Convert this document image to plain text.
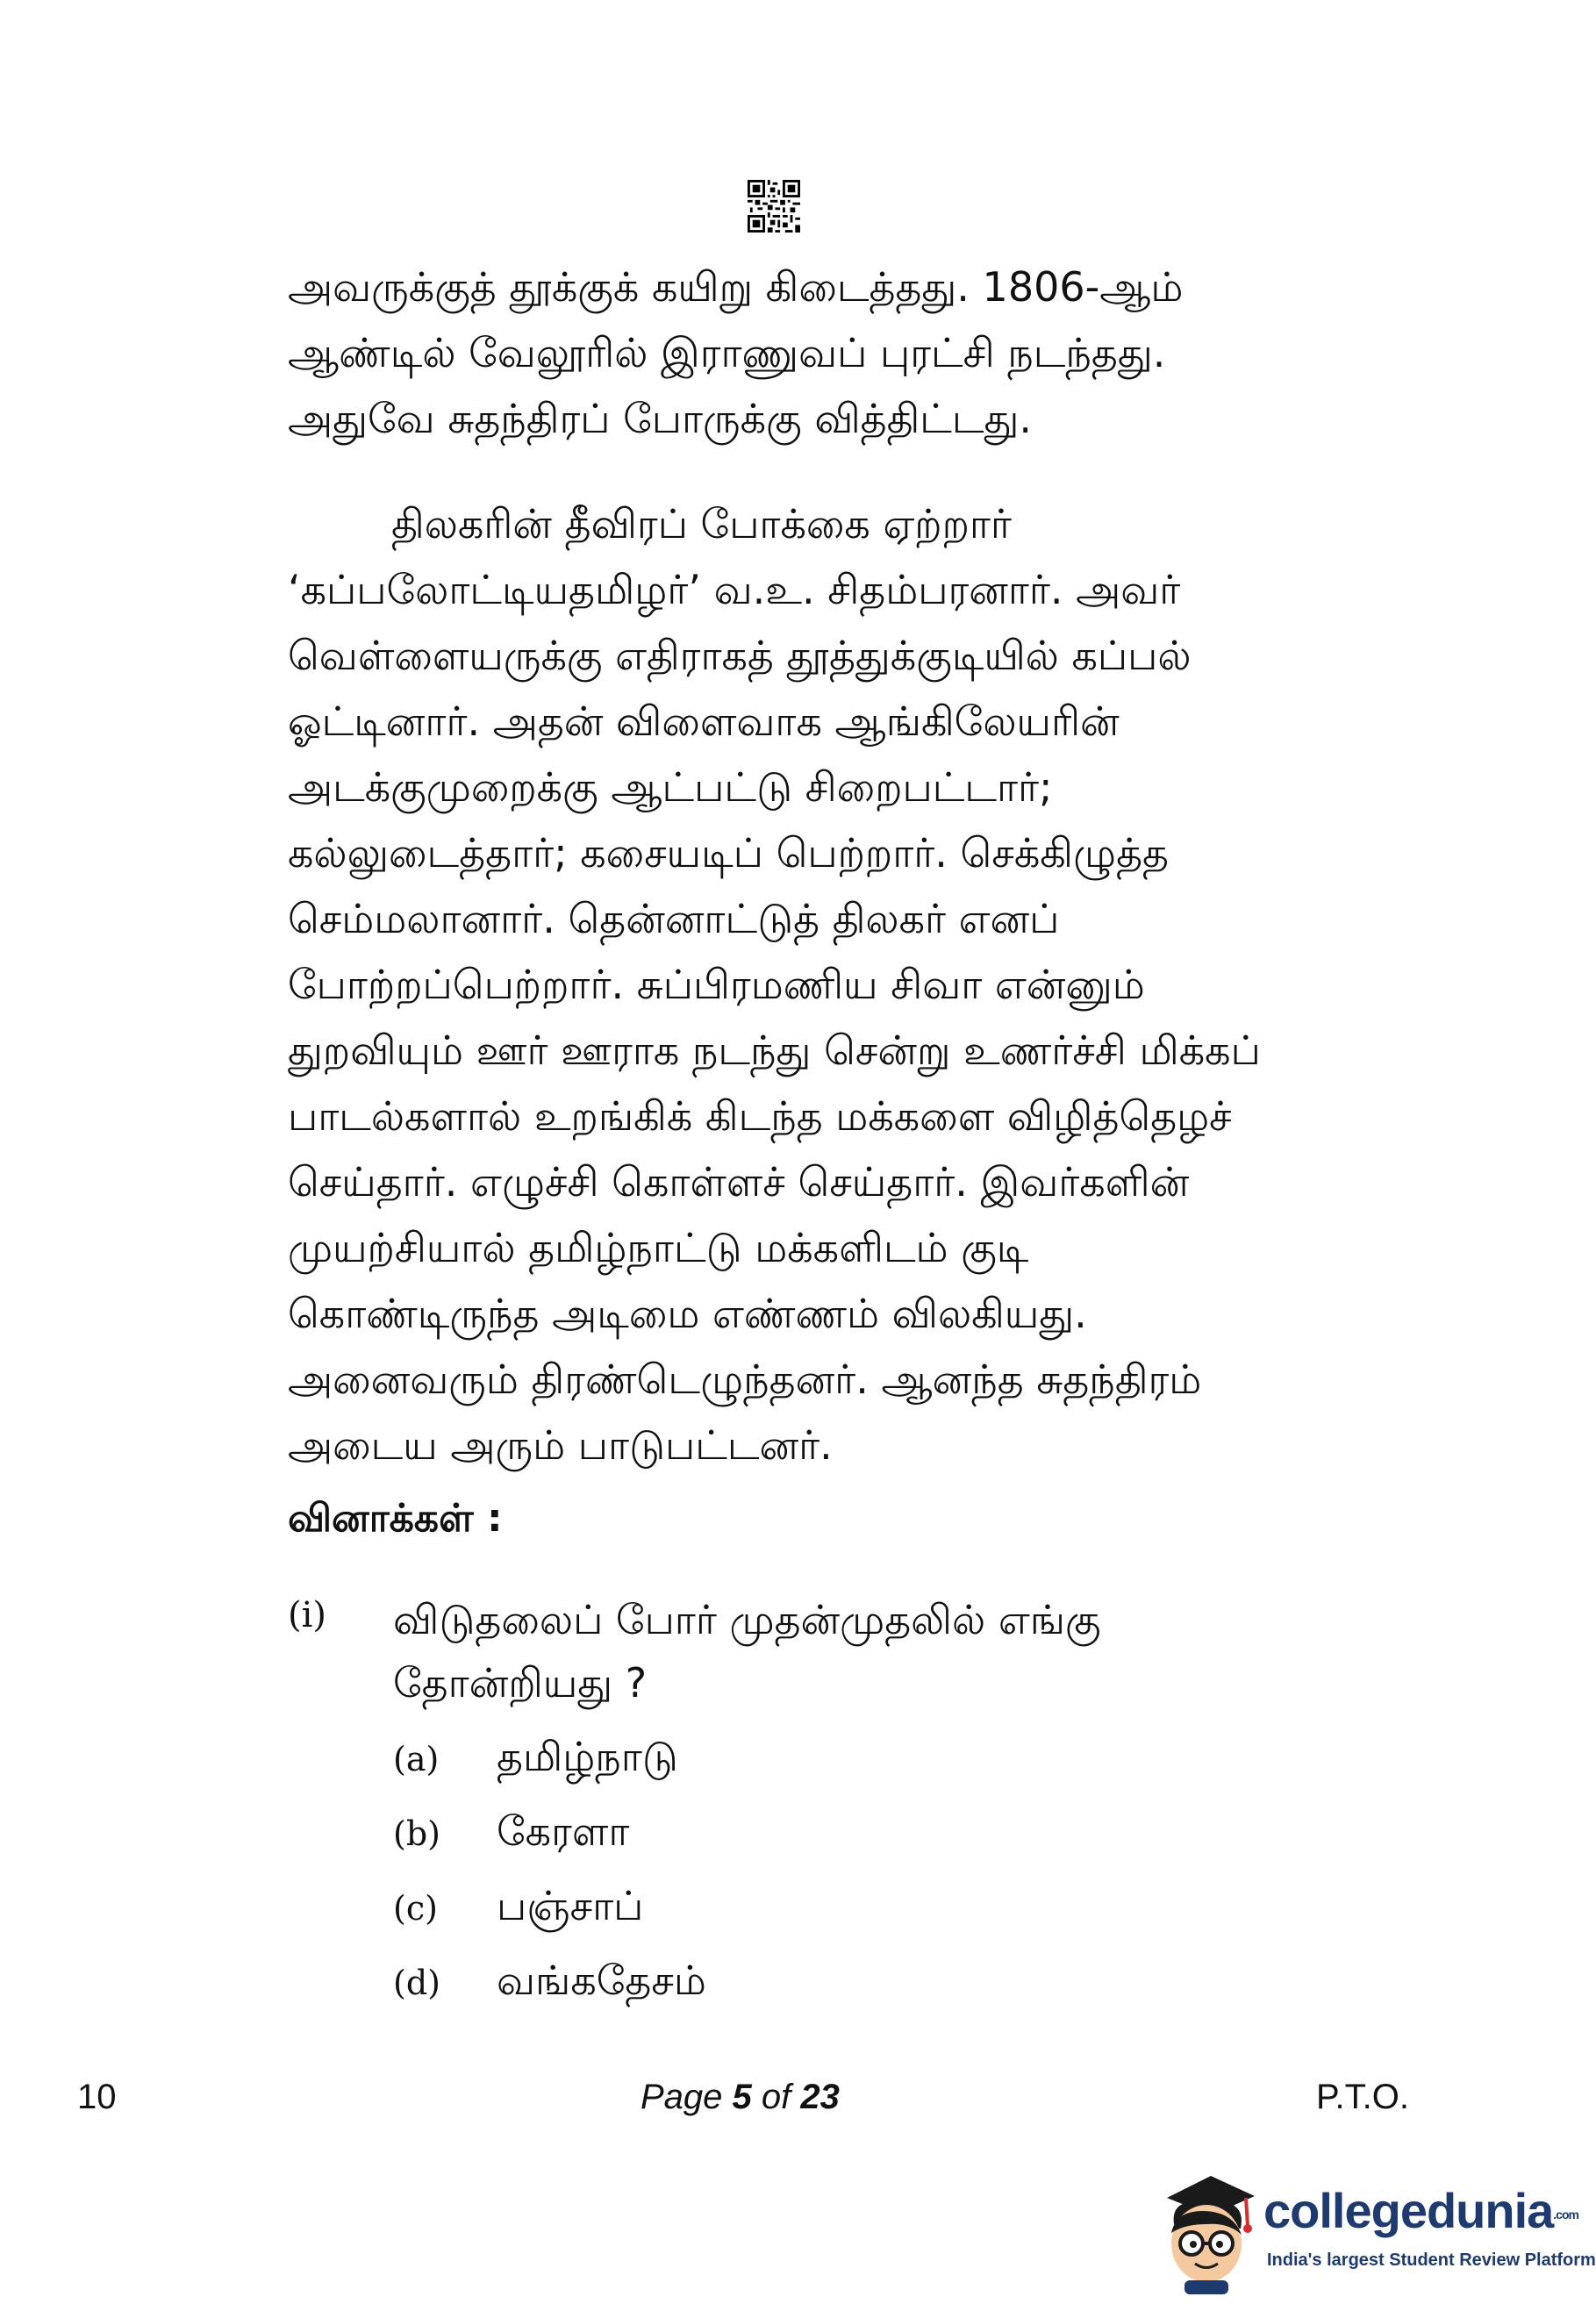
அவருக்குத் தூக்குக் கயிறு கிடைத்தது. 1806-ஆம்
ஆண்டில் வேலூரில் இராணுவப் புரட்சி நடந்தது.
அதுவே சுதந்திரப் போருக்கு வித்திட்டது.
திலகரின் தீவிரப் போக்கை ஏற்றார்
‘கப்பலோட்டியதமிழர்’ வ.உ. சிதம்பரனார். அவர்
வெள்ளையருக்கு எதிராகத் தூத்துக்குடியில் கப்பல்
ஓட்டினார். அதன் விளைவாக ஆங்கிலேயரின்
அடக்குமுறைக்கு ஆட்பட்டு சிறைபட்டார்;
கல்லுடைத்தார்; கசையடிப் பெற்றார். செக்கிழுத்த
செம்மலானார். தென்னாட்டுத் திலகர் எனப்
போற்றப்பெற்றார். சுப்பிரமணிய சிவா என்னும்
துறவியும் ஊர் ஊராக நடந்து சென்று உணர்ச்சி மிக்கப்
பாடல்களால் உறங்கிக் கிடந்த மக்களை விழித்தெழச்
செய்தார். எழுச்சி கொள்ளச் செய்தார். இவர்களின்
முயற்சியால் தமிழ்நாட்டு மக்களிடம் குடி
கொண்டிருந்த அடிமை எண்ணம் விலகியது.
அனைவரும் திரண்டெழுந்தனர். ஆனந்த சுதந்திரம்
அடைய அரும் பாடுபட்டனர்.
வினாக்கள் :
(i) விடுதலைப் போர் முதன்முதலில் எங்கு
தோன்றியது ?
(a) தமிழ்நாடு
(b) கேரளா
(c) பஞ்சாப்
(d) வங்கதேசம்
10	Page 5 of 23	P.T.O.
collegedunia.com
India's largest Student Review Platform
